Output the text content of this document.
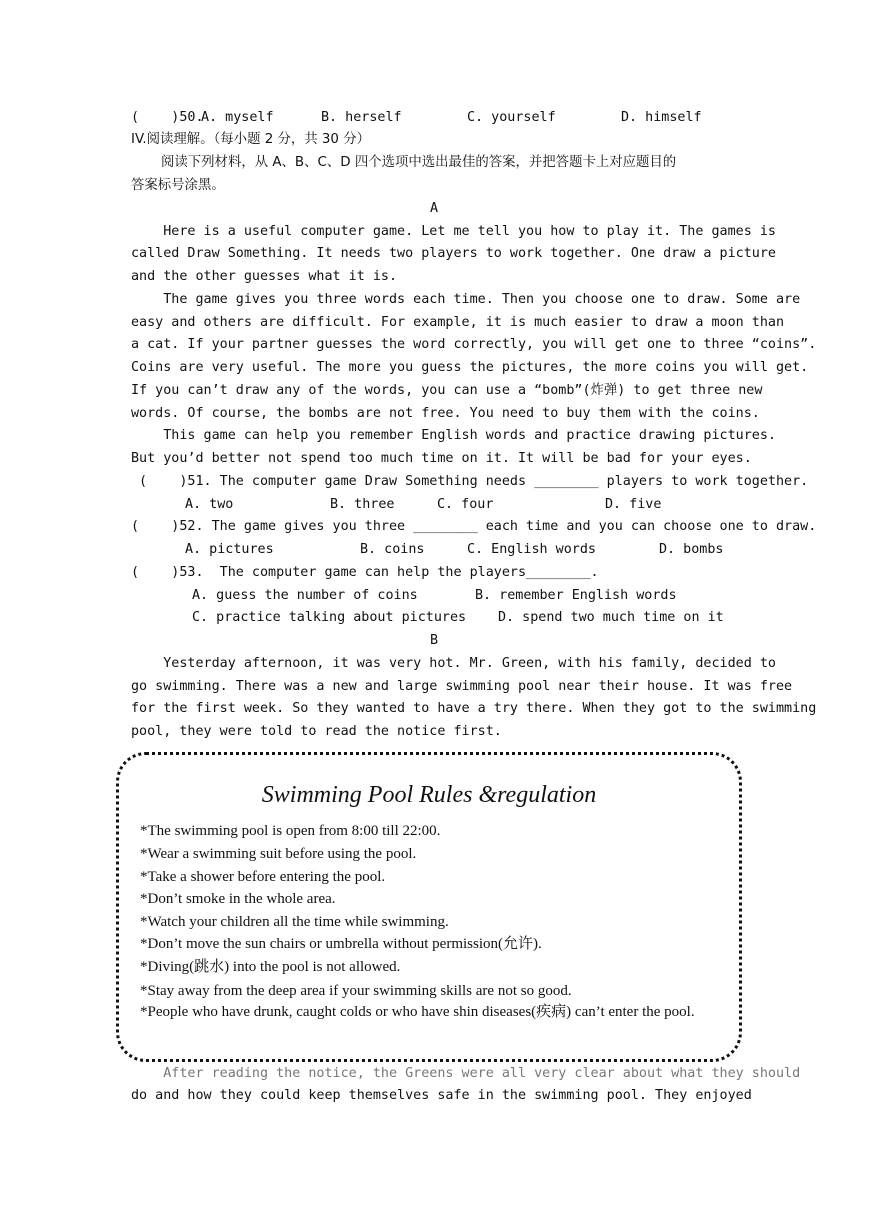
(    )50.
A. myself	B. herself	C. yourself	D. himself
IV.阅读理解。（每小题 2 分，共 30 分）
阅读下列材料，从 A、B、C、D 四个选项中选出最佳的答案，并把答题卡上对应题目的
答案标号涂黑。
A
Here is a useful computer game. Let me tell you how to play it. The games is
called Draw Something. It needs two players to work together. One draw a picture
and the other guesses what it is.
The game gives you three words each time. Then you choose one to draw. Some are
easy and others are difficult. For example, it is much easier to draw a moon than
a cat. If your partner guesses the word correctly, you will get one to three “coins”.
Coins are very useful. The more you guess the pictures, the more coins you will get.
If you can’t draw any of the words, you can use a “bomb”(炸弹) to get three new
words. Of course, the bombs are not free. You need to buy them with the coins.
This game can help you remember English words and practice drawing pictures.
But you’d better not spend too much time on it. It will be bad for your eyes.
(    )51. The computer game Draw Something needs ________ players to work together.
A. two	B. three	C. four	D. five
(    )52. The game gives you three ________ each time and you can choose one to draw.
A. pictures	B. coins	C. English words	D. bombs
(    )53.  The computer game can help the players________.
A. guess the number of coins	B. remember English words
C. practice talking about pictures D. spend two much time on it
B
Yesterday afternoon, it was very hot. Mr. Green, with his family, decided to
go swimming. There was a new and large swimming pool near their house. It was free
for the first week. So they wanted to have a try there. When they got to the swimming
pool, they were told to read the notice first.
Swimming Pool Rules &regulation
*The swimming pool is open from 8:00 till 22:00.
*Wear a swimming suit before using the pool.
*Take a shower before entering the pool.
*Don’t smoke in the whole area.
*Watch your children all the time while swimming.
*Don’t move the sun chairs or umbrella without permission(允许).
*Diving(跳水) into the pool is not allowed.
*Stay away from the deep area if your swimming skills are not so good.
*People who have drunk, caught colds or who have shin diseases(疾病) can’t enter the pool.
After reading the notice, the Greens were all very clear about what they should
do and how they could keep themselves safe in the swimming pool. They enjoyed
